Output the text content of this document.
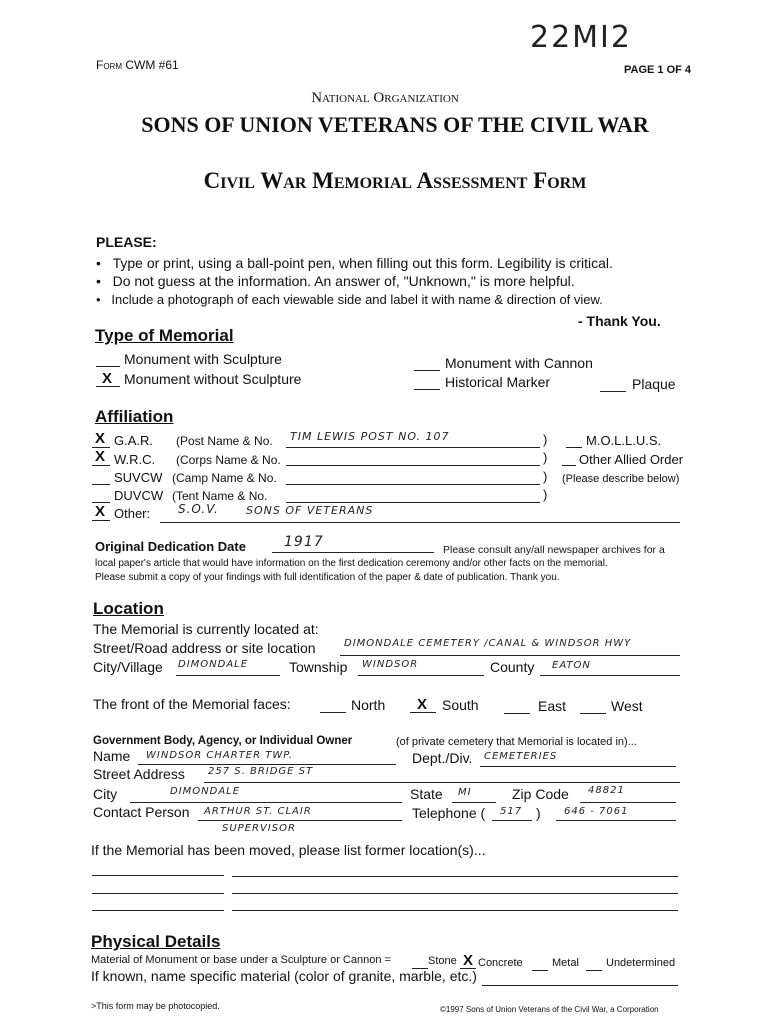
Form CWM #61
22MI2
PAGE 1 OF 4
National Organization
SONS OF UNION VETERANS OF THE CIVIL WAR
Civil War Memorial Assessment Form
PLEASE:
•   Type or print, using a ball-point pen, when filling out this form. Legibility is critical.
•   Do not guess at the information. An answer of, "Unknown," is more helpful.
•   Include a photograph of each viewable side and label it with name & direction of view.
- Thank You.
Type of Memorial
Monument with Sculpture
X Monument without Sculpture
Monument with Cannon
Historical Marker	Plaque
Affiliation
X G.A.R. (Post Name & No. TIM LEWIS POST NO. 107	)
X W.R.C. (Corps Name & No.	)
SUVCW (Camp Name & No.	)
DUVCW (Tent Name & No.	)
X Other: S.O.V. SONS OF VETERANS
M.O.L.L.U.S.
Other Allied Order
(Please describe below)
Original Dedication Date	1917	Please consult any/all newspaper archives for a
local paper's article that would have information on the first dedication ceremony and/or other facts on the memorial.
Please submit a copy of your findings with full identification of the paper & date of publication. Thank you.
Location
The Memorial is currently located at:
Street/Road address or site location	DIMONDALE CEMETERY /CANAL & WINDSOR HWY
City/Village DIMONDALE	Township WINDSOR	County EATON
The front of the Memorial faces:	North X South	East	West
Government Body, Agency, or Individual Owner	(of private cemetery that Memorial is located in)...
Name WINDSOR CHARTER TWP.	Dept./Div. CEMETERIES
Street Address 257 S. BRIDGE ST
City	DIMONDALE	State MI	Zip Code 48821
Contact Person ARTHUR ST. CLAIR
SUPERVISOR
Telephone ( 517 ) 646 - 7061
If the Memorial has been moved, please list former location(s)...
Physical Details
Material of Monument or base under a Sculpture or Cannon =	Stone X Concrete	Metal Undetermined
If known, name specific material (color of granite, marble, etc.)
>This form may be photocopied.	©1997 Sons of Union Veterans of the Civil War, a Corporation
